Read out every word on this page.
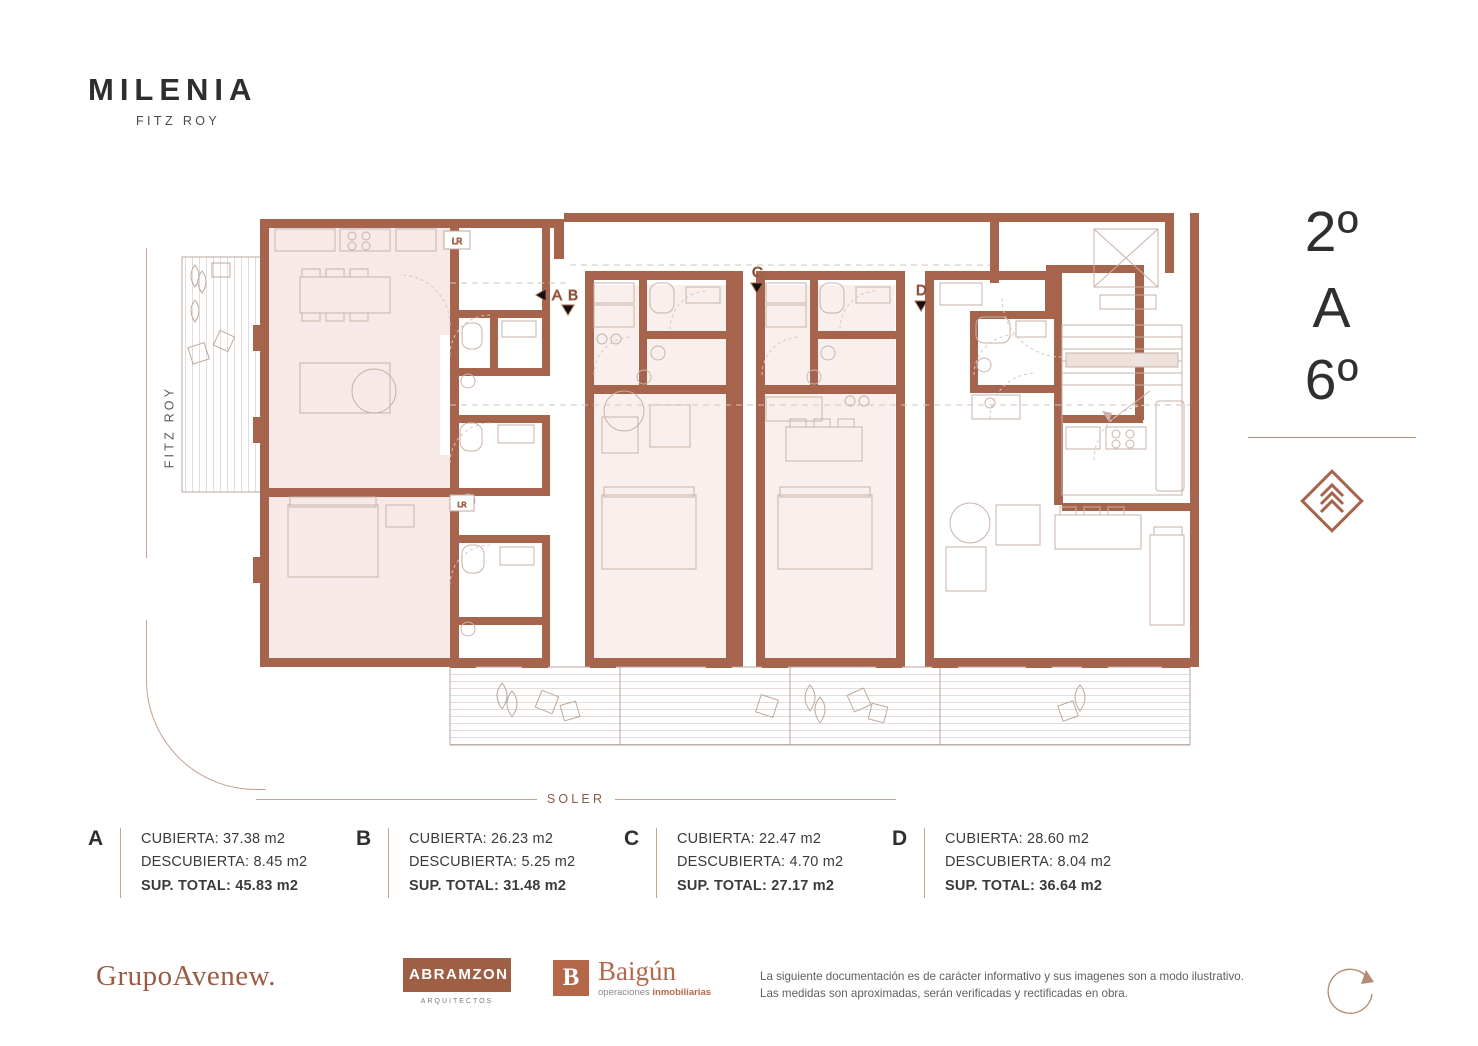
MILENIA
FITZ ROY
2º
A
6º
FITZ ROY
SOLER
LR
LR
A B
C
D
A	CUBIERTA: 37.38 m2
DESCUBIERTA: 8.45 m2
SUP. TOTAL: 45.83 m2
B	CUBIERTA: 26.23 m2
DESCUBIERTA: 5.25 m2
SUP. TOTAL: 31.48 m2
C	CUBIERTA: 22.47 m2
DESCUBIERTA: 4.70 m2
SUP. TOTAL: 27.17 m2
D	CUBIERTA: 28.60 m2
DESCUBIERTA: 8.04 m2
SUP. TOTAL: 36.64 m2
GrupoAvenew.	ABRAMZON
ARQUITECTOS
B Baigún
operaciones inmobiliarias
La siguiente documentación es de carácter informativo y sus imagenes son a modo ilustrativo.
Las medidas son aproximadas, serán verificadas y rectificadas en obra.
